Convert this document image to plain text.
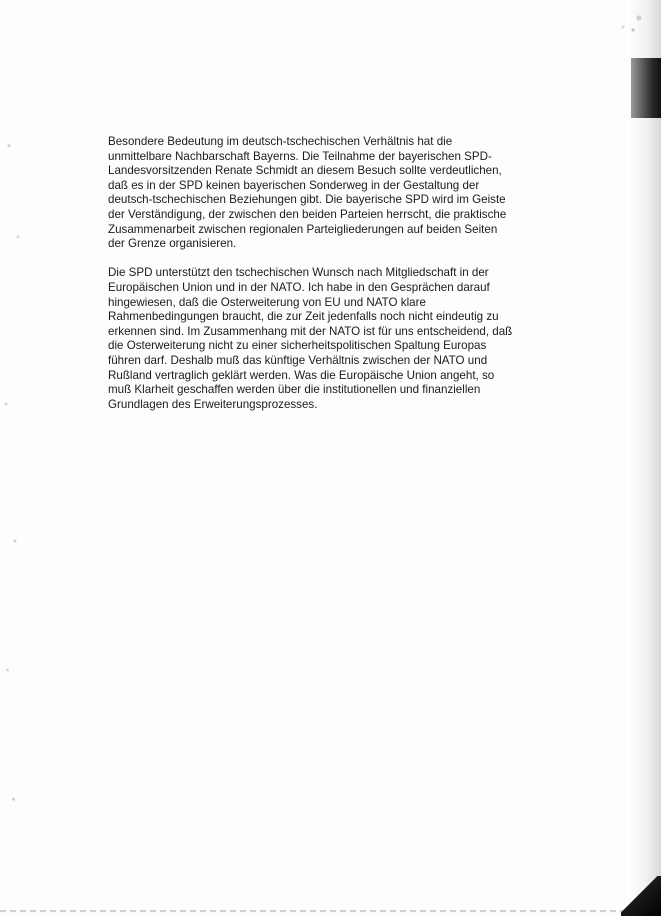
Besondere Bedeutung im deutsch-tschechischen Verhältnis hat die
unmittelbare Nachbarschaft Bayerns. Die Teilnahme der bayerischen SPD-
Landesvorsitzenden Renate Schmidt an diesem Besuch sollte verdeutlichen,
daß es in der SPD keinen bayerischen Sonderweg in der Gestaltung der
deutsch-tschechischen Beziehungen gibt. Die bayerische SPD wird im Geiste
der Verständigung, der zwischen den beiden Parteien herrscht, die praktische
Zusammenarbeit zwischen regionalen Parteigliederungen auf beiden Seiten
der Grenze organisieren.

Die SPD unterstützt den tschechischen Wunsch nach Mitgliedschaft in der
Europäischen Union und in der NATO. Ich habe in den Gesprächen darauf
hingewiesen, daß die Osterweiterung von EU und NATO klare
Rahmenbedingungen braucht, die zur Zeit jedenfalls noch nicht eindeutig zu
erkennen sind. Im Zusammenhang mit der NATO ist für uns entscheidend, daß
die Osterweiterung nicht zu einer sicherheitspolitischen Spaltung Europas
führen darf. Deshalb muß das künftige Verhältnis zwischen der NATO und
Rußland vertraglich geklärt werden. Was die Europäische Union angeht, so
muß Klarheit geschaffen werden über die institutionellen und finanziellen
Grundlagen des Erweiterungsprozesses.
